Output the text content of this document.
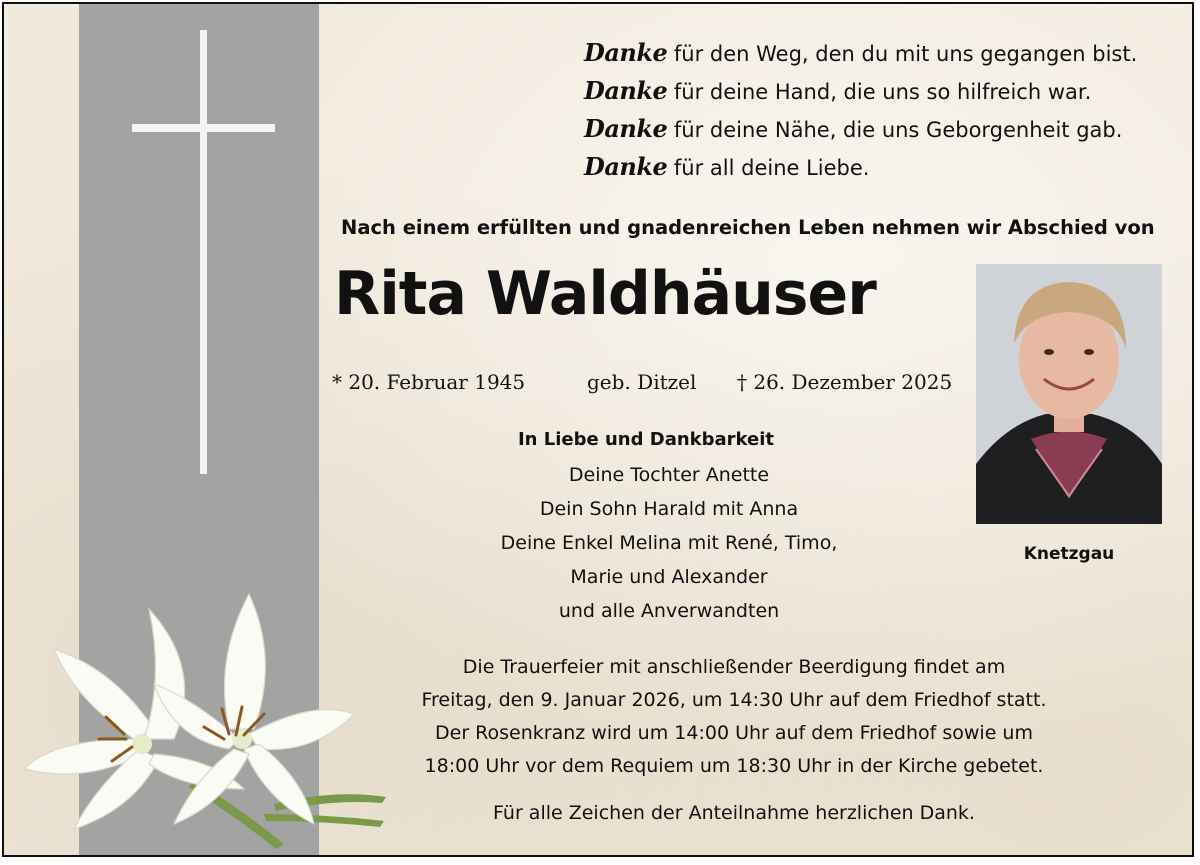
Danke für den Weg, den du mit uns gegangen bist.
Danke für deine Hand, die uns so hilfreich war.
Danke für deine Nähe, die uns Geborgenheit gab.
Danke für all deine Liebe.
Nach einem erfüllten und gnadenreichen Leben nehmen wir Abschied von
Rita Waldhäuser
* 20. Februar 1945	geb. Ditzel † 26. Dezember 2025
Knetzgau
In Liebe und Dankbarkeit
Deine Tochter Anette
Dein Sohn Harald mit Anna
Deine Enkel Melina mit René, Timo,
Marie und Alexander
und alle Anverwandten
Die Trauerfeier mit anschließender Beerdigung findet am
Freitag, den 9. Januar 2026, um 14:30 Uhr auf dem Friedhof statt.
Der Rosenkranz wird um 14:00 Uhr auf dem Friedhof sowie um
18:00 Uhr vor dem Requiem um 18:30 Uhr in der Kirche gebetet.
Für alle Zeichen der Anteilnahme herzlichen Dank.
